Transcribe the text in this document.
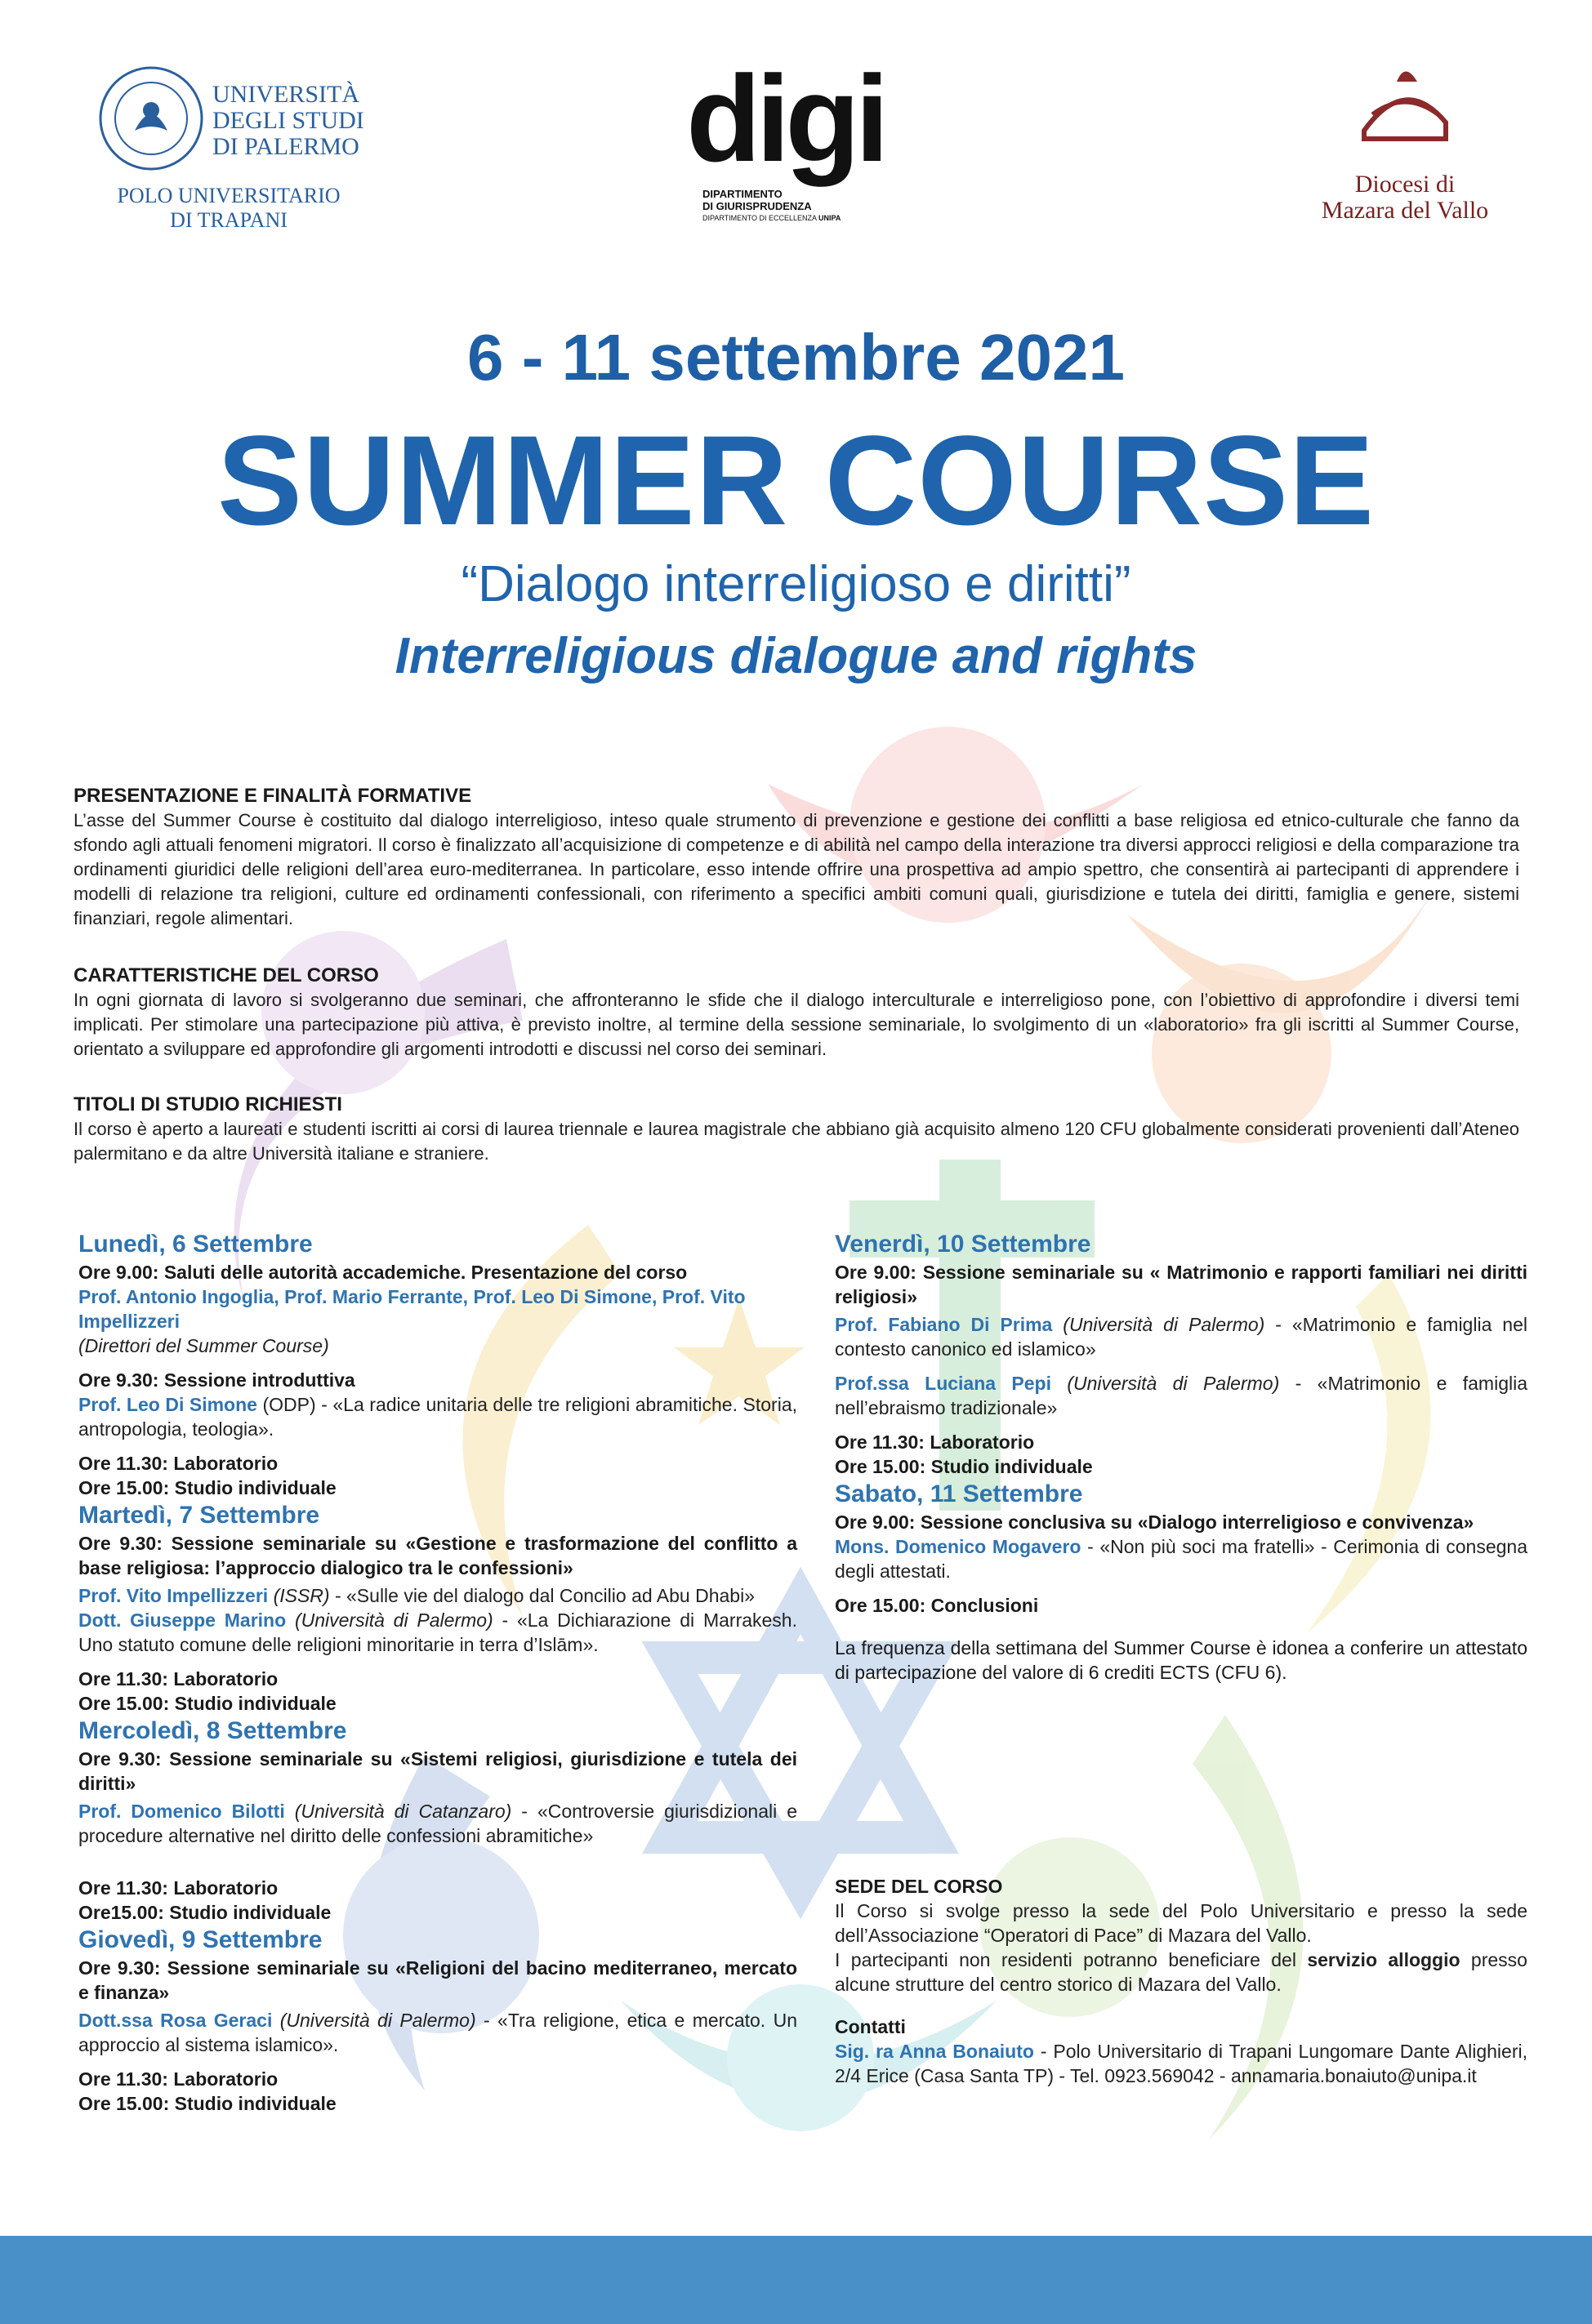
UNIVERSITÀ
DEGLI STUDI
DI PALERMO
POLO UNIVERSITARIO
DI TRAPANI
digi
DIPARTIMENTO
DI GIURISPRUDENZA
DIPARTIMENTO DI ECCELLENZA UNIPA
Diocesi di
Mazara del Vallo
6 - 11 settembre 2021
SUMMER COURSE
“Dialogo interreligioso e diritti”
Interreligious dialogue and rights
PRESENTAZIONE E FINALITÀ FORMATIVE

L’asse del Summer Course è costituito dal dialogo interreligioso, inteso quale strumento di prevenzione e gestione dei conflitti a base religiosa ed etnico-culturale che fanno da sfondo agli attuali fenomeni migratori. Il corso è finalizzato all’acquisizione di competenze e di abilità nel campo della interazione tra diversi approcci religiosi e della comparazione tra ordinamenti giuridici delle religioni dell’area euro-mediterranea. In particolare, esso intende offrire una prospettiva ad ampio spettro, che consentirà ai partecipanti di apprendere i modelli di relazione tra religioni, culture ed ordinamenti confessionali, con riferimento a specifici ambiti comuni quali, giurisdizione e tutela dei diritti, famiglia e genere, sistemi finanziari, regole alimentari.

CARATTERISTICHE DEL CORSO

In ogni giornata di lavoro si svolgeranno due seminari, che affronteranno le sfide che il dialogo interculturale e interreligioso pone, con l’obiettivo di approfondire i diversi temi implicati. Per stimolare una partecipazione più attiva, è previsto inoltre, al termine della sessione seminariale, lo svolgimento di un «laboratorio» fra gli iscritti al Summer Course, orientato a sviluppare ed approfondire gli argomenti introdotti e discussi nel corso dei seminari.

TITOLI DI STUDIO RICHIESTI

Il corso è aperto a laureati e studenti iscritti ai corsi di laurea triennale e laurea magistrale che abbiano già acquisito almeno 120 CFU globalmente considerati provenienti dall’Ateneo palermitano e da altre Università italiane e straniere.

Lunedì, 6 Settembre
Ore 9.00: Saluti delle autorità accademiche. Presentazione del corso
Prof. Antonio Ingoglia, Prof. Mario Ferrante, Prof. Leo Di Simone, Prof. Vito Impellizzeri
(Direttori del Summer Course)
Ore 9.30: Sessione introduttiva
Prof. Leo Di Simone (ODP) - «La radice unitaria delle tre religioni abramitiche. Storia, antropologia, teologia».
Ore 11.30: Laboratorio
Ore 15.00: Studio individuale
Martedì, 7 Settembre
Ore 9.30: Sessione seminariale su «Gestione e trasformazione del conflitto a base religiosa: l’approccio dialogico tra le confessioni»
Prof. Vito Impellizzeri (ISSR) - «Sulle vie del dialogo dal Concilio ad Abu Dhabi»
Dott. Giuseppe Marino (Università di Palermo) - «La Dichiarazione di Marrakesh. Uno statuto comune delle religioni minoritarie in terra d’Islām».
Ore 11.30: Laboratorio
Ore 15.00: Studio individuale
Mercoledì, 8 Settembre
Ore 9.30: Sessione seminariale su «Sistemi religiosi, giurisdizione e tutela dei diritti»
Prof. Domenico Bilotti (Università di Catanzaro) - «Controversie giurisdizionali e procedure alternative nel diritto delle confessioni abramitiche»
Ore 11.30: Laboratorio
Ore15.00: Studio individuale
Giovedì, 9 Settembre
Ore 9.30: Sessione seminariale su «Religioni del bacino mediterraneo, mercato e finanza»
Dott.ssa Rosa Geraci (Università di Palermo) - «Tra religione, etica e mercato. Un approccio al sistema islamico».
Ore 11.30: Laboratorio
Ore 15.00: Studio individuale
Venerdì, 10 Settembre
Ore 9.00: Sessione seminariale su « Matrimonio e rapporti familiari nei diritti religiosi»
Prof. Fabiano Di Prima (Università di Palermo) - «Matrimonio e famiglia nel contesto canonico ed islamico»
Prof.ssa Luciana Pepi (Università di Palermo) - «Matrimonio e famiglia nell’ebraismo tradizionale»
Ore 11.30: Laboratorio
Ore 15.00: Studio individuale
Sabato, 11 Settembre
Ore 9.00: Sessione conclusiva su «Dialogo interreligioso e convivenza»
Mons. Domenico Mogavero - «Non più soci ma fratelli» - Cerimonia di consegna degli attestati.
Ore 15.00: Conclusioni
La frequenza della settimana del Summer Course è idonea a conferire un attestato di partecipazione del valore di 6 crediti ECTS (CFU 6).
SEDE DEL CORSO
Il Corso si svolge presso la sede del Polo Universitario e presso la sede dell’Associazione “Operatori di Pace” di Mazara del Vallo.
I partecipanti non residenti potranno beneficiare del servizio alloggio presso alcune strutture del centro storico di Mazara del Vallo.
Contatti
Sig. ra Anna Bonaiuto - Polo Universitario di Trapani Lungomare Dante Alighieri, 2/4 Erice (Casa Santa TP) - Tel. 0923.569042 - annamaria.bonaiuto@unipa.it
